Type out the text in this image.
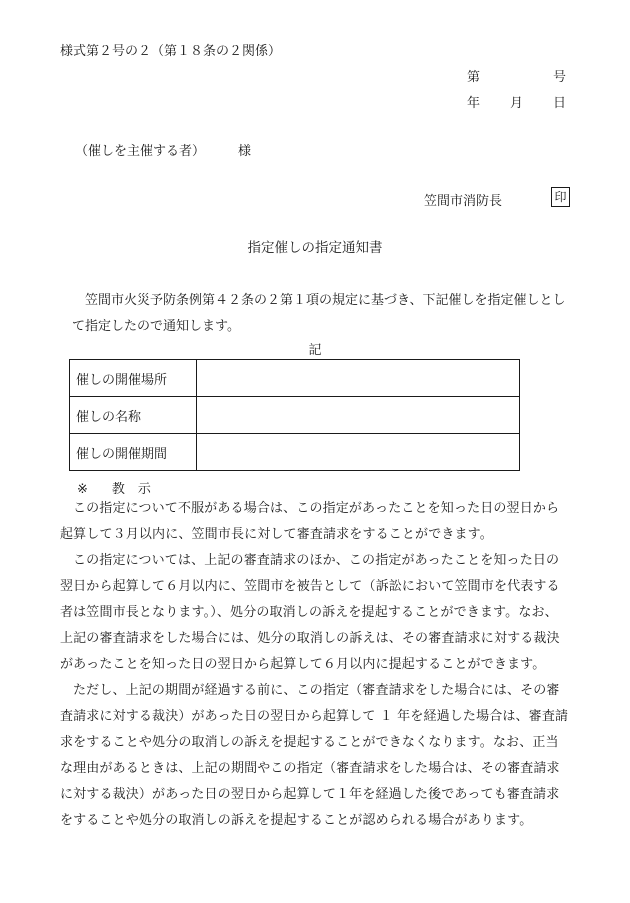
様式第２号の２（第１８条の２関係）
第	号
年 月 日
（催しを主催する者）	様
笠間市消防長	印
指定催しの指定通知書

笠間市火災予防条例第４２条の２第１項の規定に基づき、下記催しを指定催しとして指定したので通知します。

記
催しの開催場所	
催しの名称	
催しの開催期間	
※ 教　示

この指定について不服がある場合は、この指定があったことを知った日の翌日から起算して３月以内に、笠間市長に対して審査請求をすることができます。

この指定については、上記の審査請求のほか、この指定があったことを知った日の翌日から起算して６月以内に、笠間市を被告として（訴訟において笠間市を代表する者は笠間市長となります。）、処分の取消しの訴えを提起することができます。なお、上記の審査請求をした場合には、処分の取消しの訴えは、その審査請求に対する裁決があったことを知った日の翌日から起算して６月以内に提起することができます。

ただし、上記の期間が経過する前に、この指定（審査請求をした場合には、その審査請求に対する裁決）があった日の翌日から起算して １ 年を経過した場合は、審査請求をすることや処分の取消しの訴えを提起することができなくなります。なお、正当な理由があるときは、上記の期間やこの指定（審査請求をした場合は、その審査請求に対する裁決）があった日の翌日から起算して１年を経過した後であっても審査請求をすることや処分の取消しの訴えを提起することが認められる場合があります。
